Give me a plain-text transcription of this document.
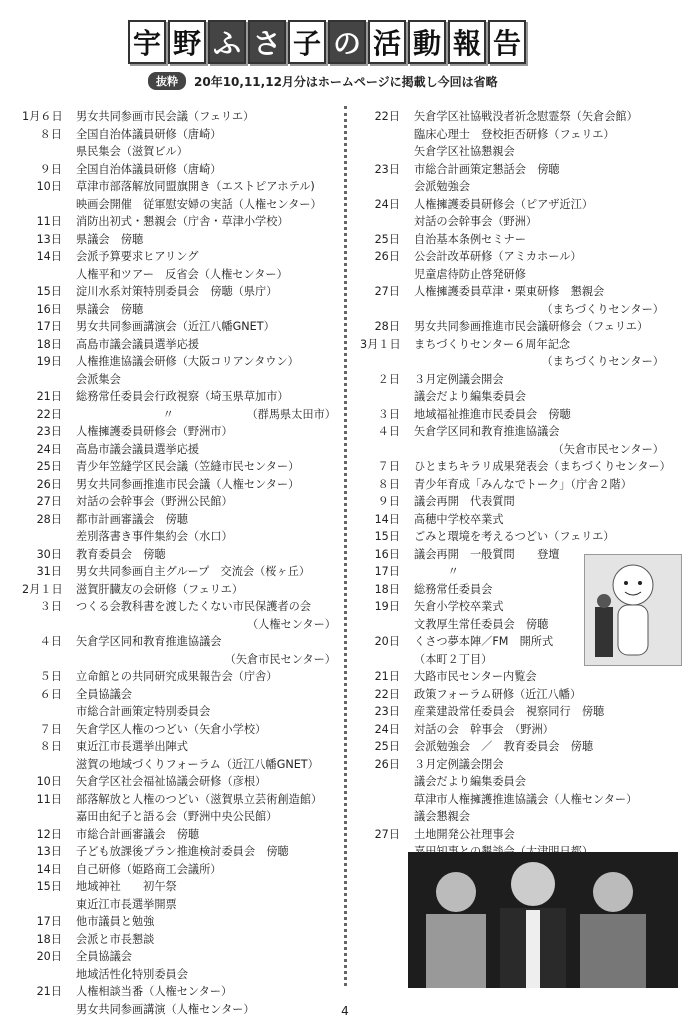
宇 野 ふ さ 子 の 活 動 報 告
抜粋	20年10,11,12月分はホームページに掲載し今回は省略
1月６日	男女共同参画市民会議（フェリエ）
８日	全国自治体議員研修（唐崎）
県民集会（滋賀ビル）
９日	全国自治体議員研修（唐崎）
10日	草津市部落解放同盟旗開き（エストピアホテル)
映画会開催　従軍慰安婦の実話（人権センター）
11日	消防出初式・懇親会（庁舎・草津小学校）
13日	県議会　傍聴
14日	会派予算要求ヒアリング
人権平和ツアー　反省会（人権センター）
15日	淀川水系対策特別委員会　傍聴（県庁）
16日	県議会　傍聴
17日	男女共同参画講演会（近江八幡GNET）
18日	高島市議会議員選挙応援
19日	人権推進協議会研修（大阪コリアンタウン）
会派集会
21日	総務常任委員会行政視察（埼玉県草加市）
22日	〃　　　　　　　（群馬県太田市）
23日	人権擁護委員研修会（野洲市）
24日	高島市議会議員選挙応援
25日	青少年笠縫学区民会議（笠縫市民センター）
26日	男女共同参画推進市民会議（人権センター）
27日	対話の会幹事会（野洲公民館）
28日	都市計画審議会　傍聴
差別落書き事件集約会（水口）
30日	教育委員会　傍聴
31日	男女共同参画自主グループ　交流会（桜ヶ丘）
2月１日	滋賀肝臓友の会研修（フェリエ）
３日	つくる会教科書を渡したくない市民保護者の会
（人権センター）
４日	矢倉学区同和教育推進協議会
（矢倉市民センター）
５日	立命館との共同研究成果報告会（庁舎）
６日	全員協議会
市総合計画策定特別委員会
７日	矢倉学区人権のつどい（矢倉小学校）
８日	東近江市長選挙出陣式
滋賀の地域づくりフォーラム（近江八幡GNET）
10日	矢倉学区社会福祉協議会研修（彦根）
11日	部落解放と人権のつどい（滋賀県立芸術創造館）
嘉田由紀子と語る会（野洲中央公民館）
12日	市総合計画審議会　傍聴
13日	子ども放課後プラン推進検討委員会　傍聴
14日	自己研修（姫路商工会議所）
15日	地域神社　　初午祭
東近江市長選挙開票
17日	他市議員と勉強
18日	会派と市長懇談
20日	全員協議会
地域活性化特別委員会
21日	人権相談当番（人権センター）
男女共同参画講演（人権センター）
22日	矢倉学区社協戦没者祈念慰霊祭（矢倉会館）
臨床心理士　登校拒否研修（フェリエ）
矢倉学区社協懇親会
23日	市総合計画策定懇話会　傍聴
会派勉強会
24日	人権擁護委員研修会（ピアザ近江）
対話の会幹事会（野洲）
25日	自治基本条例セミナー
26日	公会計改革研修（アミカホール）
児童虐待防止啓発研修
27日	人権擁護委員草津・栗東研修　懇親会
（まちづくりセンター）
28日	男女共同参画推進市民会議研修会（フェリエ）
3月１日	まちづくりセンター６周年記念
（まちづくりセンター）
２日	３月定例議会開会
議会だより編集委員会
３日	地域福祉推進市民委員会　傍聴
４日	矢倉学区同和教育推進協議会
（矢倉市民センター）
７日	ひとまちキラリ成果発表会（まちづくりセンター）
８日	青少年育成「みんなでトーク」（庁舎２階）
９日	議会再開　代表質問
14日	高穂中学校卒業式
15日	ごみと環境を考えるつどい（フェリエ）
16日	議会再開　一般質問　　登壇
17日	　　　〃
18日	総務常任委員会
19日	矢倉小学校卒業式
文教厚生常任委員会　傍聴
20日	くさつ夢本陣／FM　開所式
（本町２丁目）　　　　
21日	大路市民センター内覧会
22日	政策フォーラム研修（近江八幡）
23日	産業建設常任委員会　視察同行　傍聴
24日	対話の会　幹事会　（野洲）
25日	会派勉強会　／　教育委員会　傍聴
26日	３月定例議会閉会
議会だより編集委員会
草津市人権擁護推進協議会（人権センター）
議会懇親会
27日	土地開発公社理事会
4
